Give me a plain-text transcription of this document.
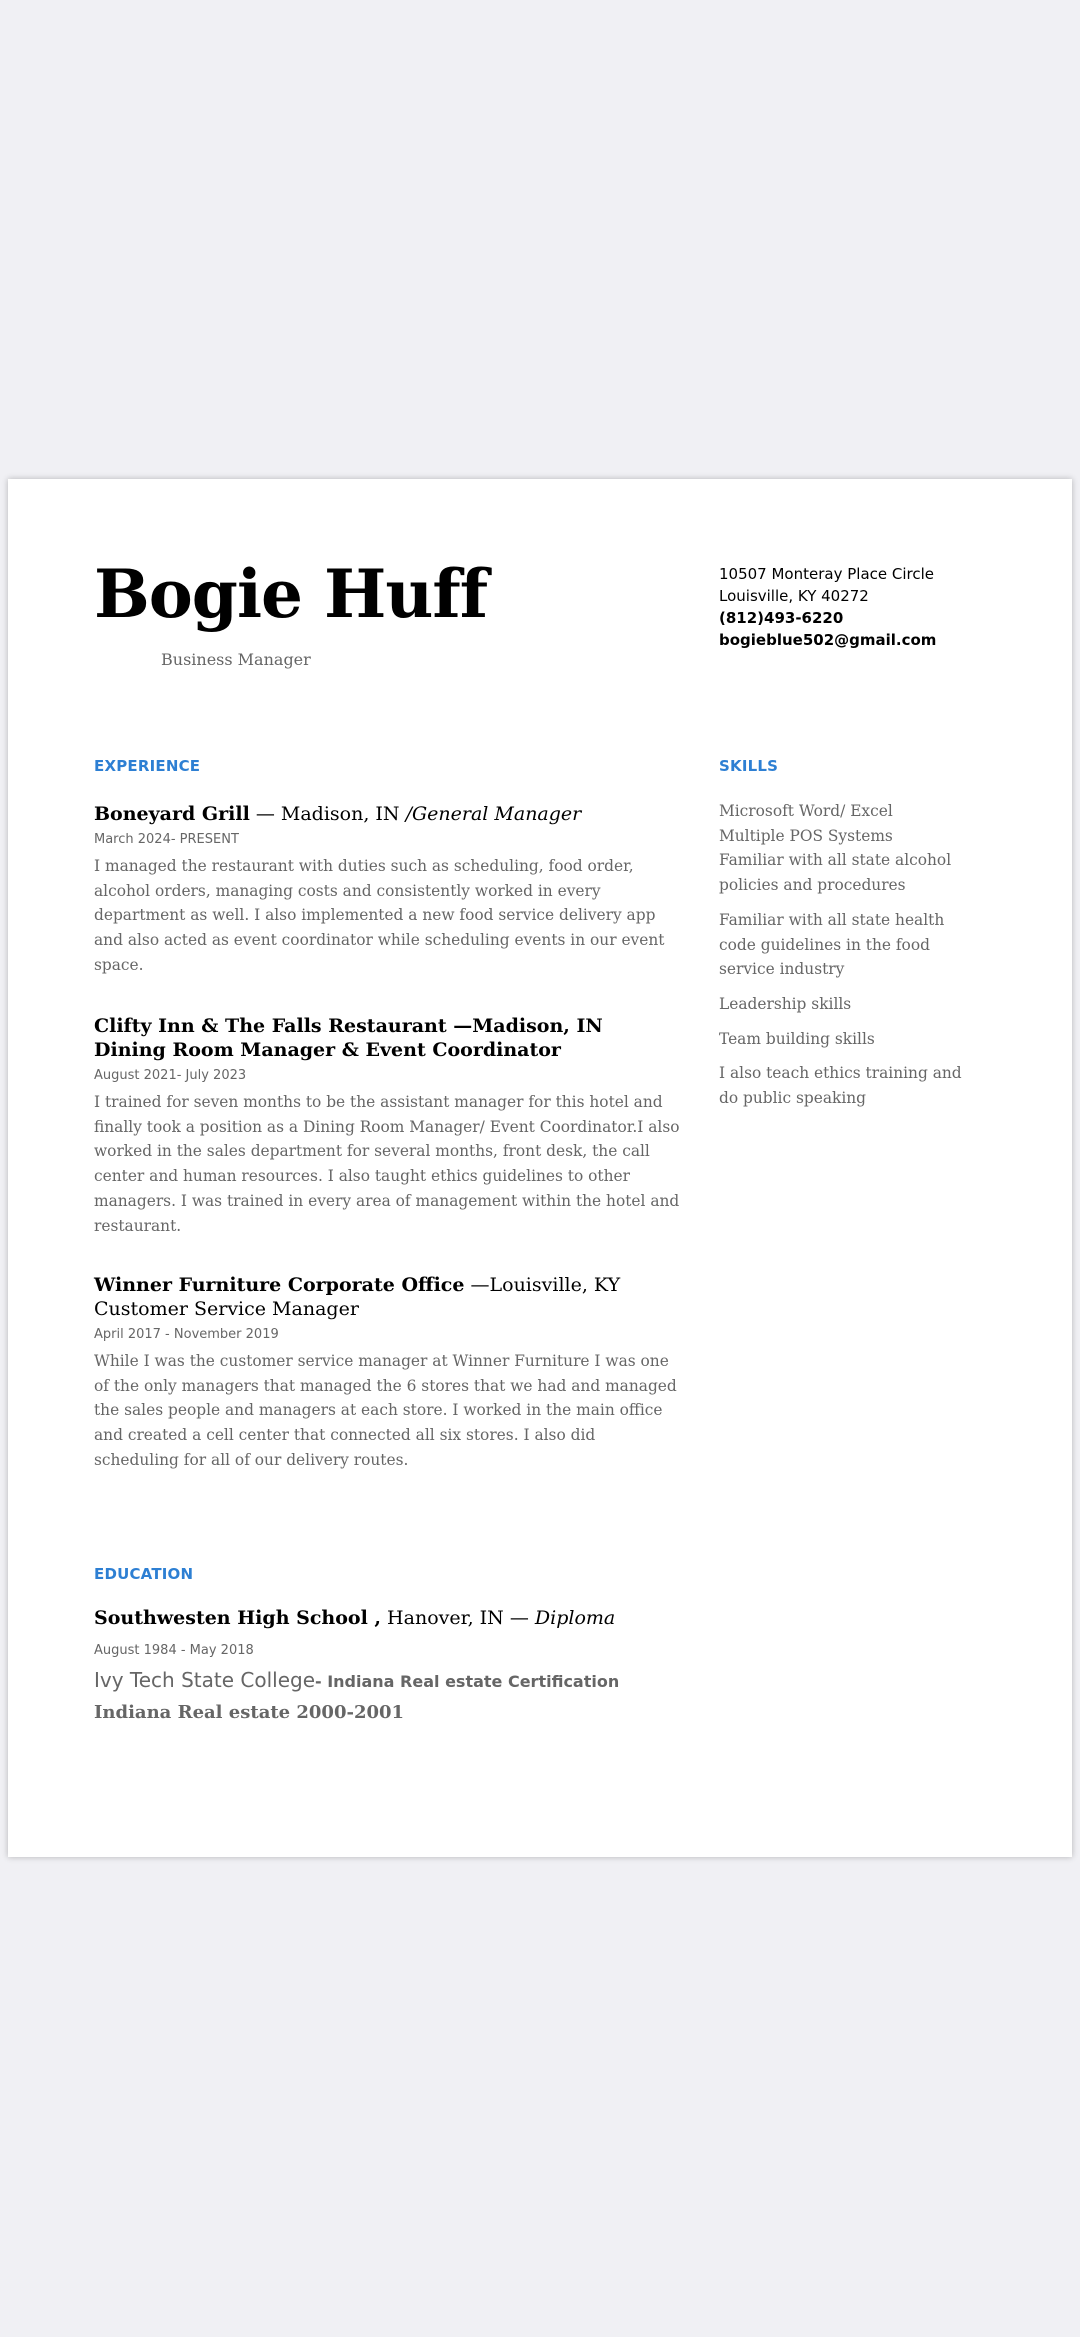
Bogie Huff
Business Manager
10507 Monteray Place Circle
Louisville, KY 40272
(812)493-6220
bogieblue502@gmail.com
EXPERIENCE
Boneyard Grill — Madison, IN /General Manager
March 2024- PRESENT
I managed the restaurant with duties such as scheduling, food order, alcohol orders, managing costs and consistently worked in every department as well. I also implemented a new food service delivery app and also acted as event coordinator while scheduling events in our event space.
Clifty Inn & The Falls Restaurant —Madison, IN
Dining Room Manager & Event Coordinator
August 2021- July 2023
I trained for seven months to be the assistant manager for this hotel and finally took a position as a Dining Room Manager/ Event Coordinator.I also worked in the sales department for several months, front desk, the call center and human resources. I also taught ethics guidelines to other managers. I was trained in every area of management within the hotel and restaurant.
Winner Furniture Corporate Office —Louisville, KY
Customer Service Manager
April 2017 - November 2019
While I was the customer service manager at Winner Furniture I was one of the only managers that managed the 6 stores that we had and managed the sales people and managers at each store. I worked in the main office and created a cell center that connected all six stores. I also did scheduling for all of our delivery routes.
SKILLS

Microsoft Word/ Excel
Multiple POS Systems
Familiar with all state alcohol policies and procedures

Familiar with all state health code guidelines in the food service industry

Leadership skills

Team building skills

I also teach ethics training and do public speaking

EDUCATION
Southwesten High School , Hanover, IN — Diploma
August 1984 - May 2018
Ivy Tech State College- Indiana Real estate Certification
Indiana Real estate 2000-2001
